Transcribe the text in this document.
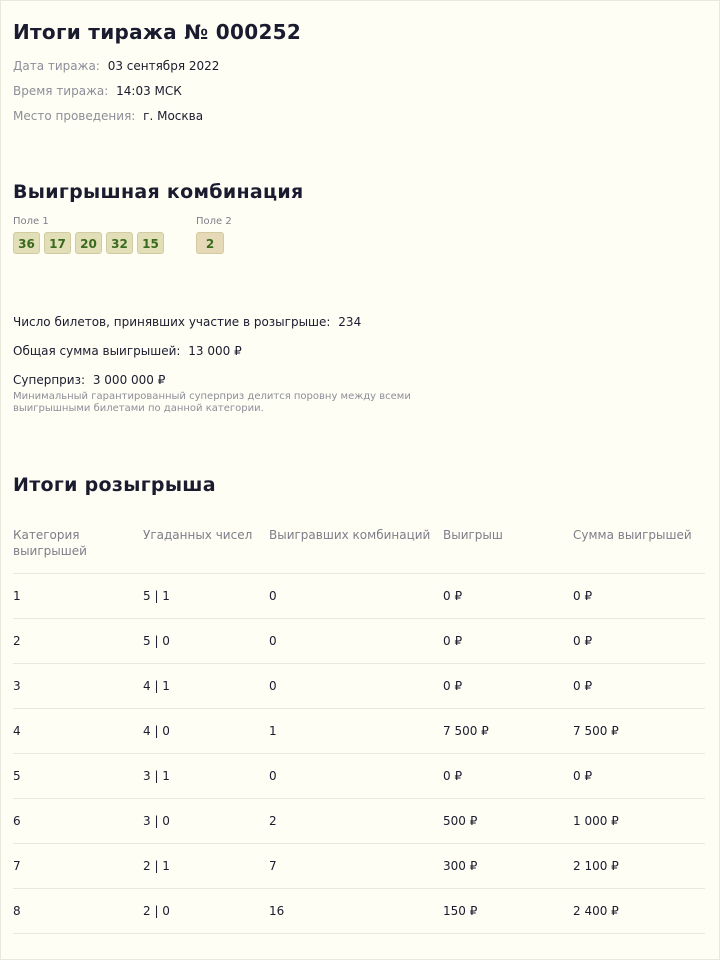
Итоги тиража № 000252
Дата тиража: 03 сентября 2022
Время тиража: 14:03 МСК
Место проведения: г. Москва
Выигрышная комбинация
Поле 1
36	17	20	32	15
Поле 2
2
Число билетов, принявших участие в розыгрыше: 234
Общая сумма выигрышей: 13 000 ₽
Суперприз: 3 000 000 ₽
Минимальный гарантированный суперприз делится поровну между всеми выигрышными билетами по данной категории.
Итоги розыгрыша
Категория выигрышей	Угаданных чисел	Выигравших комбинаций	Выигрыш	Сумма выигрышей
1	5 | 1	0	0 ₽	0 ₽
2	5 | 0	0	0 ₽	0 ₽
3	4 | 1	0	0 ₽	0 ₽
4	4 | 0	1	7 500 ₽	7 500 ₽
5	3 | 1	0	0 ₽	0 ₽
6	3 | 0	2	500 ₽	1 000 ₽
7	2 | 1	7	300 ₽	2 100 ₽
8	2 | 0	16	150 ₽	2 400 ₽
